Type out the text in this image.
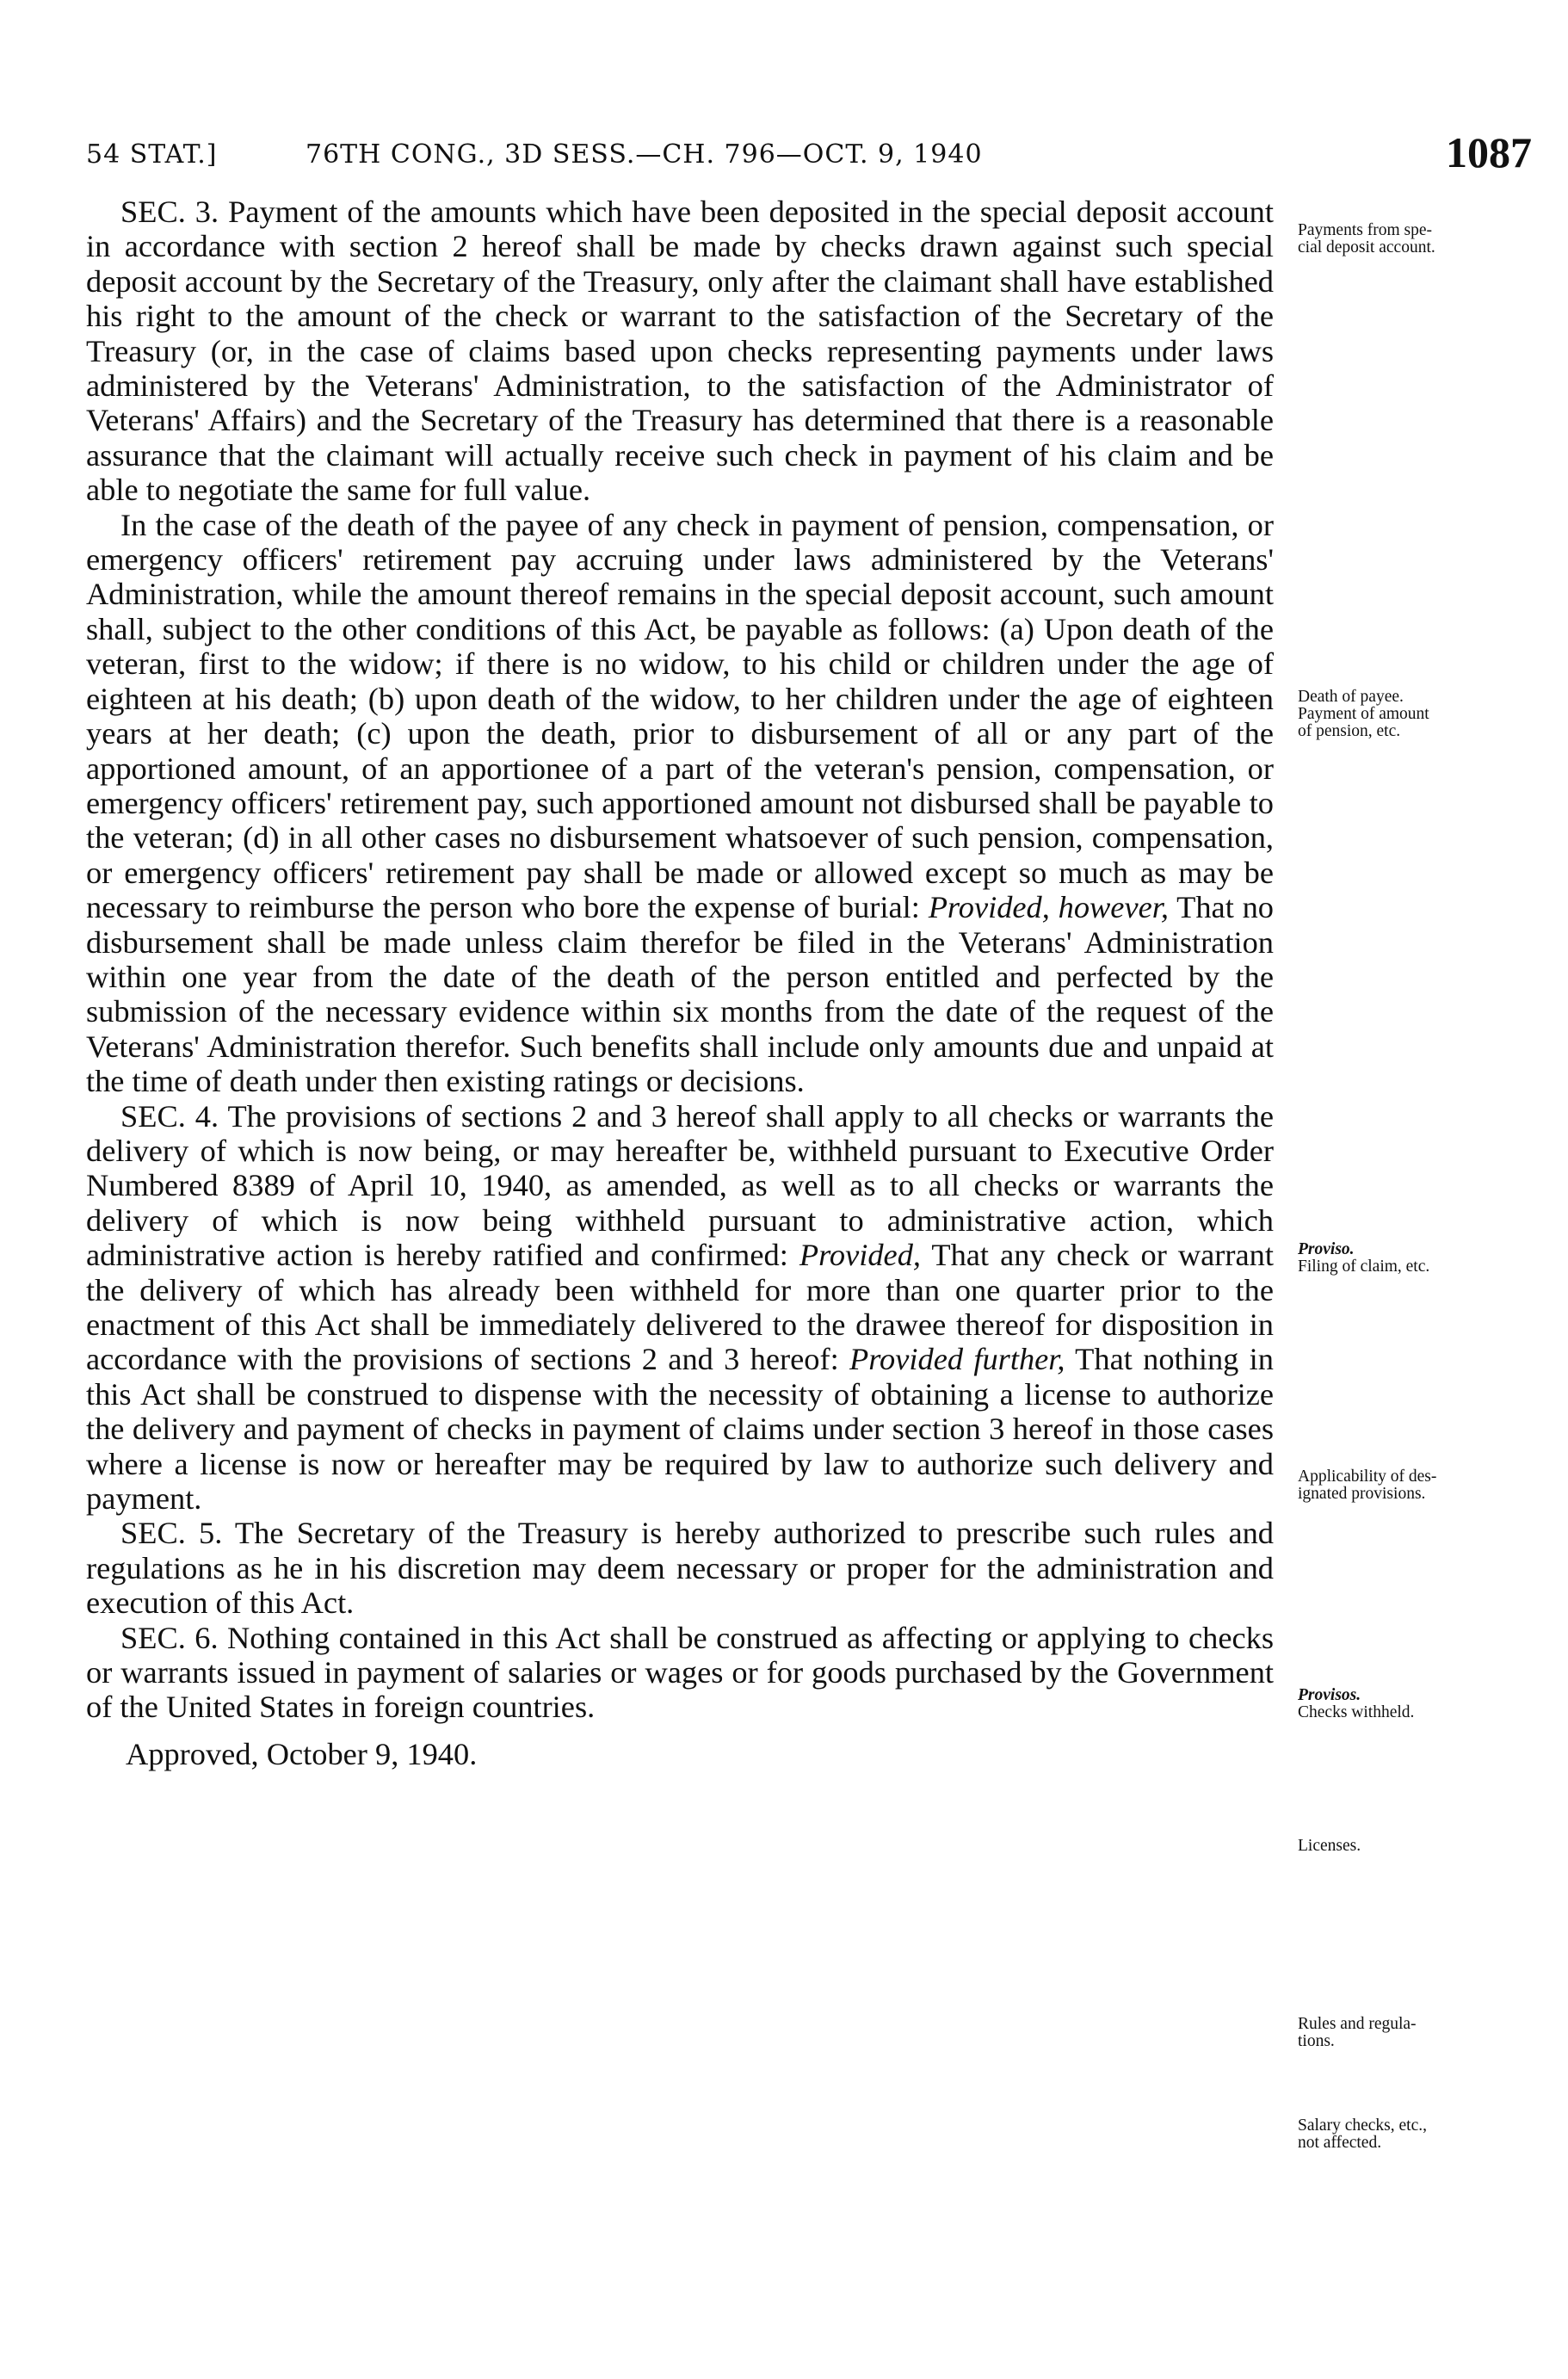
54 STAT.]	76TH CONG., 3D SESS.—CH. 796—OCT. 9, 1940	1087

SEC. 3. Payment of the amounts which have been deposited in the special deposit account in accordance with section 2 hereof shall be made by checks drawn against such special deposit account by the Secretary of the Treasury, only after the claimant shall have established his right to the amount of the check or warrant to the satisfaction of the Secretary of the Treasury (or, in the case of claims based upon checks representing payments under laws administered by the Veterans' Administration, to the satisfaction of the Administrator of Veterans' Affairs) and the Secretary of the Treasury has determined that there is a reasonable assurance that the claimant will actually receive such check in payment of his claim and be able to negotiate the same for full value.

In the case of the death of the payee of any check in payment of pension, compensation, or emergency officers' retirement pay accruing under laws administered by the Veterans' Administration, while the amount thereof remains in the special deposit account, such amount shall, subject to the other conditions of this Act, be payable as follows: (a) Upon death of the veteran, first to the widow; if there is no widow, to his child or children under the age of eighteen at his death; (b) upon death of the widow, to her children under the age of eighteen years at her death; (c) upon the death, prior to disbursement of all or any part of the apportioned amount, of an apportionee of a part of the veteran's pension, compensation, or emergency officers' retirement pay, such apportioned amount not disbursed shall be payable to the veteran; (d) in all other cases no disbursement whatsoever of such pension, compensation, or emergency officers' retirement pay shall be made or allowed except so much as may be necessary to reimburse the person who bore the expense of burial: Provided, however, That no disbursement shall be made unless claim therefor be filed in the Veterans' Administration within one year from the date of the death of the person entitled and perfected by the submission of the necessary evidence within six months from the date of the request of the Veterans' Administration therefor. Such benefits shall include only amounts due and unpaid at the time of death under then existing ratings or decisions.

SEC. 4. The provisions of sections 2 and 3 hereof shall apply to all checks or warrants the delivery of which is now being, or may hereafter be, withheld pursuant to Executive Order Numbered 8389 of April 10, 1940, as amended, as well as to all checks or warrants the delivery of which is now being withheld pursuant to administrative action, which administrative action is hereby ratified and confirmed: Provided, That any check or warrant the delivery of which has already been withheld for more than one quarter prior to the enactment of this Act shall be immediately delivered to the drawee thereof for disposition in accordance with the provisions of sections 2 and 3 hereof: Provided further, That nothing in this Act shall be construed to dispense with the necessity of obtaining a license to authorize the delivery and payment of checks in payment of claims under section 3 hereof in those cases where a license is now or hereafter may be required by law to authorize such delivery and payment.

SEC. 5. The Secretary of the Treasury is hereby authorized to prescribe such rules and regulations as he in his discretion may deem necessary or proper for the administration and execution of this Act.

SEC. 6. Nothing contained in this Act shall be construed as affecting or applying to checks or warrants issued in payment of salaries or wages or for goods purchased by the Government of the United States in foreign countries.

Approved, October 9, 1940.

Payments from spe-
cial deposit account.
Death of payee.
Payment of amount
of pension, etc.
Proviso.
Filing of claim, etc.
Applicability of des-
ignated provisions.
Provisos.
Checks withheld.
Licenses.
Rules and regula-
tions.
Salary checks, etc.,
not affected.
